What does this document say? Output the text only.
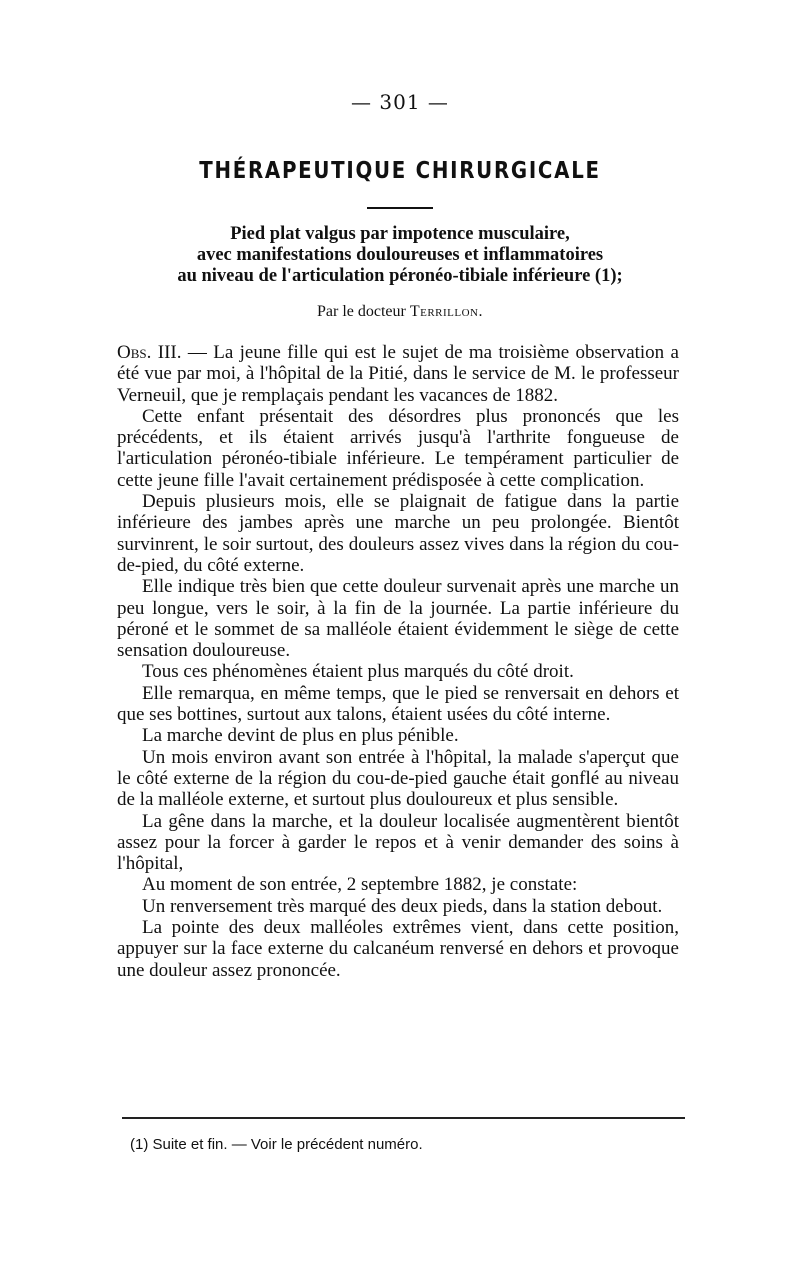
— 301 —
THÉRAPEUTIQUE CHIRURGICALE
Pied plat valgus par impotence musculaire,
avec manifestations douloureuses et inflammatoires
au niveau de l'articulation péronéo-tibiale inférieure (1);
Par le docteur Terrillon.

Obs. III. — La jeune fille qui est le sujet de ma troisième observation a été vue par moi, à l'hôpital de la Pitié, dans le service de M. le professeur Verneuil, que je remplaçais pendant les vacances de 1882.

Cette enfant présentait des désordres plus prononcés que les précédents, et ils étaient arrivés jusqu'à l'arthrite fongueuse de l'articulation péronéo-tibiale inférieure. Le tempérament particulier de cette jeune fille l'avait certainement prédisposée à cette complication.

Depuis plusieurs mois, elle se plaignait de fatigue dans la partie inférieure des jambes après une marche un peu prolongée. Bientôt survinrent, le soir surtout, des douleurs assez vives dans la région du cou-de-pied, du côté externe.

Elle indique très bien que cette douleur survenait après une marche un peu longue, vers le soir, à la fin de la journée. La partie inférieure du péroné et le sommet de sa malléole étaient évidemment le siège de cette sensation douloureuse.

Tous ces phénomènes étaient plus marqués du côté droit.

Elle remarqua, en même temps, que le pied se renversait en dehors et que ses bottines, surtout aux talons, étaient usées du côté interne.

La marche devint de plus en plus pénible.

Un mois environ avant son entrée à l'hôpital, la malade s'aperçut que le côté externe de la région du cou-de-pied gauche était gonflé au niveau de la malléole externe, et surtout plus douloureux et plus sensible.

La gêne dans la marche, et la douleur localisée augmentèrent bientôt assez pour la forcer à garder le repos et à venir demander des soins à l'hôpital,

Au moment de son entrée, 2 septembre 1882, je constate:

Un renversement très marqué des deux pieds, dans la station debout.

La pointe des deux malléoles extrêmes vient, dans cette position, appuyer sur la face externe du calcanéum renversé en dehors et provoque une douleur assez prononcée.

(1) Suite et fin. — Voir le précédent numéro.
